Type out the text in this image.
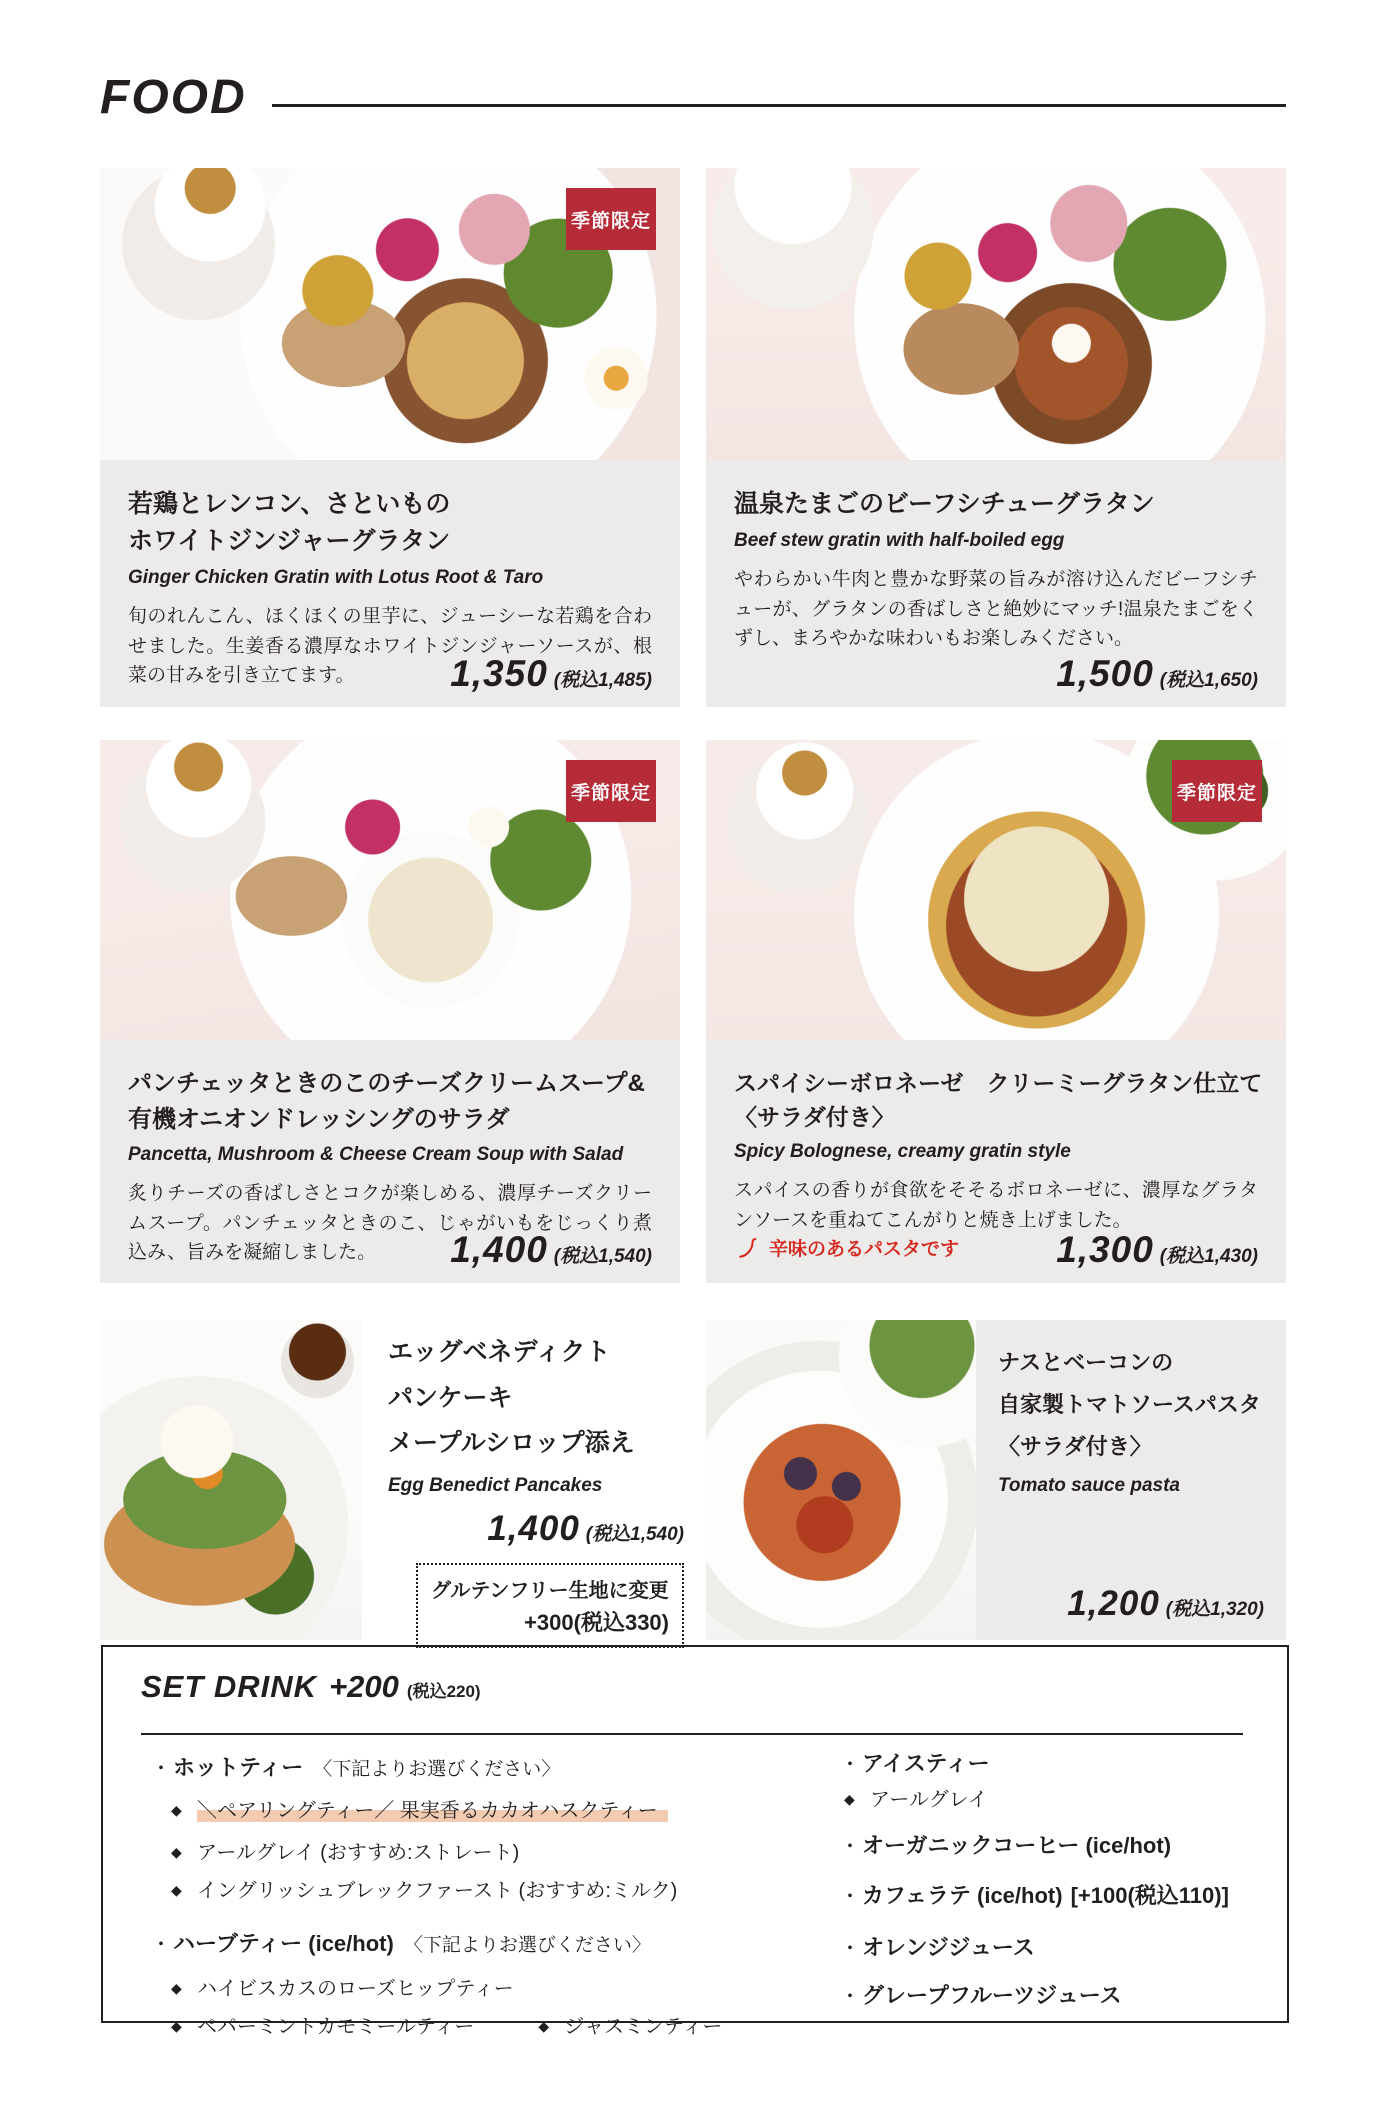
FOOD
季節限定
若鶏とレンコン、さといもの
ホワイトジンジャーグラタン

Ginger Chicken Gratin with Lotus Root & Taro

旬のれんこん、ほくほくの里芋に、ジューシーな若鶏を合わせました。生姜香る濃厚なホワイトジンジャーソースが、根菜の甘みを引き立てます。	1,350 (税込1,485)
温泉たまごのビーフシチューグラタン

Beef stew gratin with half-boiled egg

やわらかい牛肉と豊かな野菜の旨みが溶け込んだビーフシチューが、グラタンの香ばしさと絶妙にマッチ!温泉たまごをくずし、まろやかな味わいもお楽しみください。

1,500 (税込1,650)
季節限定
パンチェッタときのこのチーズクリームスープ&
有機オニオンドレッシングのサラダ

Pancetta, Mushroom & Cheese Cream Soup with Salad

炙りチーズの香ばしさとコクが楽しめる、濃厚チーズクリームスープ。パンチェッタときのこ、じゃがいもをじっくり煮込み、旨みを凝縮しました。	1,400 (税込1,540)
季節限定
スパイシーボロネーゼ　クリーミーグラタン仕立て
〈サラダ付き〉

Spicy Bolognese, creamy gratin style

スパイスの香りが食欲をそそるボロネーゼに、濃厚なグラタンソースを重ねてこんがりと焼き上げました。

辛味のあるパスタです	1,300 (税込1,430)
エッグベネディクト
パンケーキ
メープルシロップ添え

Egg Benedict Pancakes

1,400 (税込1,540)
グルテンフリー生地に変更
+300(税込330)
ナスとベーコンの
自家製トマトソースパスタ
〈サラダ付き〉

Tomato sauce pasta

1,200 (税込1,320)
SET DRINK +200 (税込220)
・ホットティー 〈下記よりお選びください〉
◆ ＼ペアリングティー／ 果実香るカカオハスクティー
◆ アールグレイ (おすすめ:ストレート)
◆ イングリッシュブレックファースト (おすすめ:ミルク)
・ハーブティー (ice/hot) 〈下記よりお選びください〉
◆ ハイビスカスのローズヒップティー
◆ ペパーミントカモミールティー	◆ ジャスミンティー
・アイスティー
◆ アールグレイ
・オーガニックコーヒー (ice/hot)
・カフェラテ (ice/hot) [+100(税込110)]
・オレンジジュース
・グレープフルーツジュース
